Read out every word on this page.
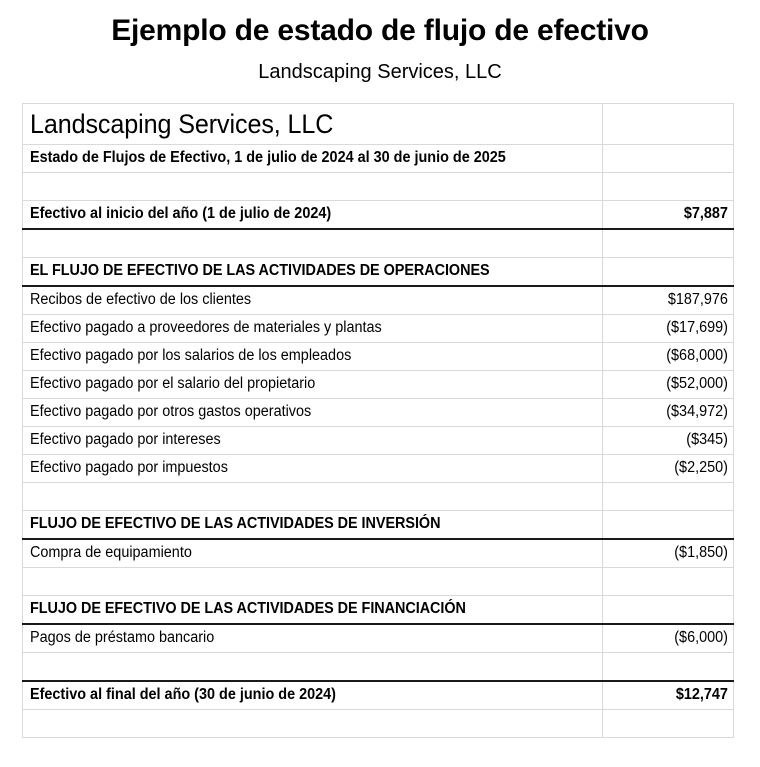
Ejemplo de estado de flujo de efectivo
Landscaping Services, LLC
Landscaping Services, LLC	
Estado de Flujos de Efectivo, 1 de julio de 2024 al 30 de junio de 2025	

Efectivo al inicio del año (1 de julio de 2024)	$7,887

EL FLUJO DE EFECTIVO DE LAS ACTIVIDADES DE OPERACIONES	
Recibos de efectivo de los clientes	$187,976
Efectivo pagado a proveedores de materiales y plantas	($17,699)
Efectivo pagado por los salarios de los empleados	($68,000)
Efectivo pagado por el salario del propietario	($52,000)
Efectivo pagado por otros gastos operativos	($34,972)
Efectivo pagado por intereses	($345)
Efectivo pagado por impuestos	($2,250)

FLUJO DE EFECTIVO DE LAS ACTIVIDADES DE INVERSIÓN	
Compra de equipamiento	($1,850)

FLUJO DE EFECTIVO DE LAS ACTIVIDADES DE FINANCIACIÓN	
Pagos de préstamo bancario	($6,000)

Efectivo al final del año (30 de junio de 2024)	$12,747
